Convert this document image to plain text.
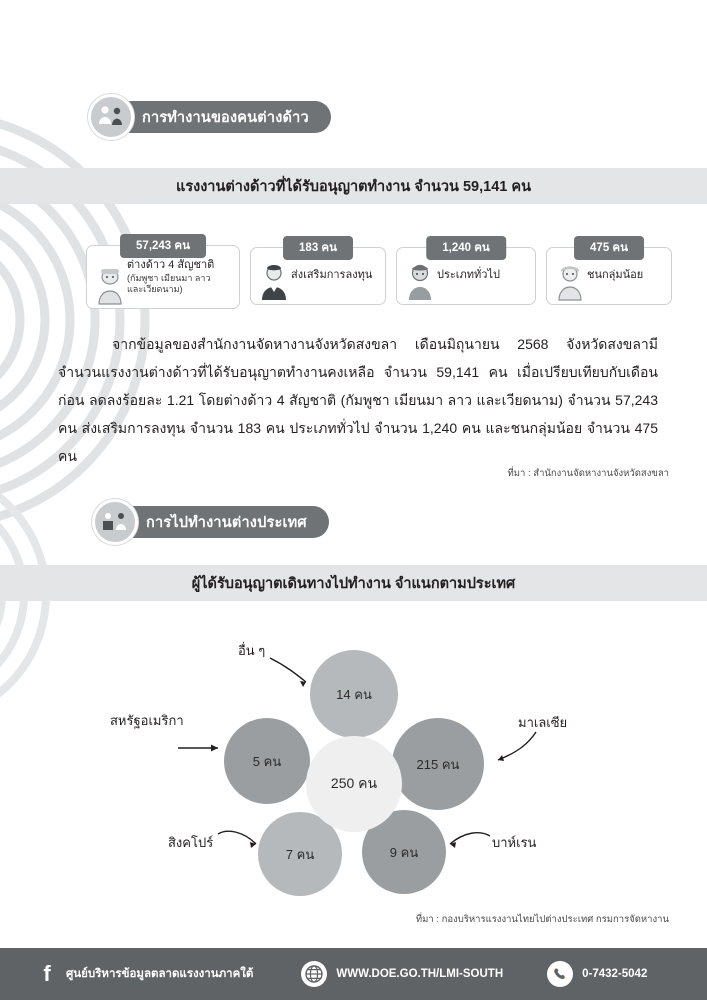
การทำงานของคนต่างด้าว
แรงงานต่างด้าวที่ได้รับอนุญาตทำงาน จำนวน 59,141 คน
57,243 คน
ต่างด้าว 4 สัญชาติ
(กัมพูชา เมียนมา ลาว
และเวียดนาม)
183 คน
ส่งเสริมการลงทุน
1,240 คน
ประเภททั่วไป
475 คน
ชนกลุ่มน้อย
จากข้อมูลของสำนักงานจัดหางานจังหวัดสงขลา เดือนมิถุนายน 2568 จังหวัดสงขลามีจำนวนแรงงานต่างด้าวที่ได้รับอนุญาตทำงานคงเหลือ จำนวน 59,141 คน เมื่อเปรียบเทียบกับเดือนก่อน ลดลงร้อยละ 1.21 โดยต่างด้าว 4 สัญชาติ (กัมพูชา เมียนมา ลาว และเวียดนาม) จำนวน 57,243 คน ส่งเสริมการลงทุน จำนวน 183 คน ประเภททั่วไป จำนวน 1,240 คน และชนกลุ่มน้อย จำนวน 475 คน
ที่มา : สำนักงานจัดหางานจังหวัดสงขลา
การไปทำงานต่างประเทศ
ผู้ได้รับอนุญาตเดินทางไปทำงาน จำแนกตามประเทศ
14 คน
215 คน
9 คน
7 คน
5 คน
250 คน
อื่น ๆ
มาเลเซีย
บาห์เรน
สิงคโปร์
สหรัฐอเมริกา
ที่มา : กองบริหารแรงงานไทยไปต่างประเทศ กรมการจัดหางาน
f	ศูนย์บริหารข้อมูลตลาดแรงงานภาคใต้	WWW.DOE.GO.TH/LMI-SOUTH	0-7432-5042
